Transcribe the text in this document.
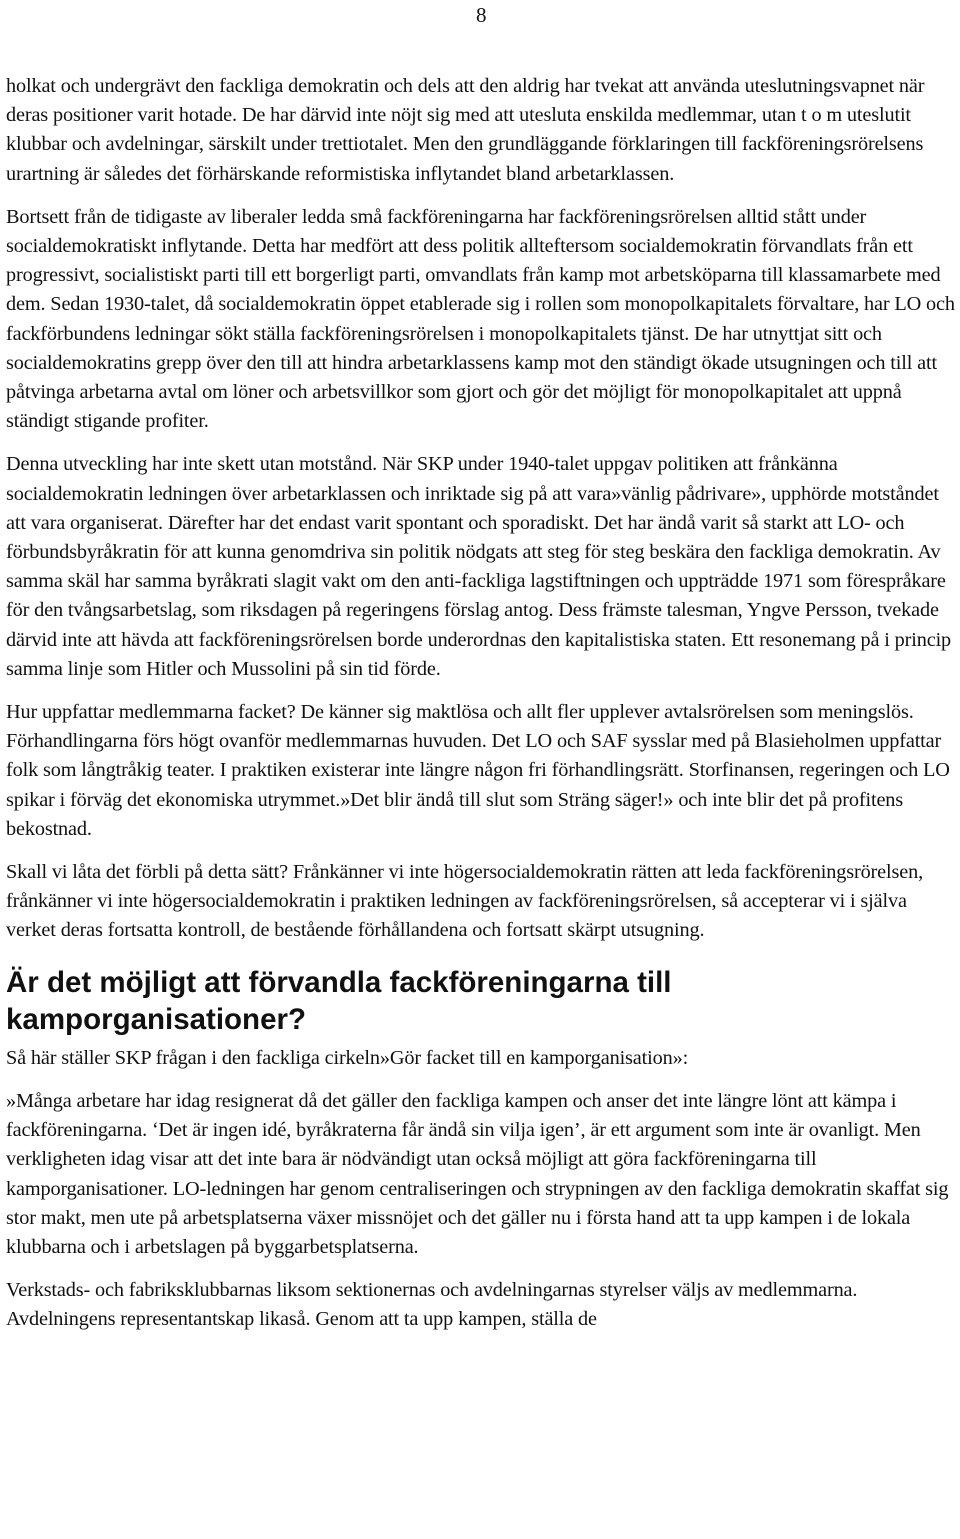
8

holkat och undergrävt den fackliga demokratin och dels att den aldrig har tvekat att använda uteslutningsvapnet när deras positioner varit hotade. De har därvid inte nöjt sig med att utesluta enskilda medlemmar, utan t o m uteslutit klubbar och avdelningar, särskilt under trettiotalet. Men den grundläggande förklaringen till fackföreningsrörelsens urartning är således det förhärskande reformistiska inflytandet bland arbetarklassen.

Bortsett från de tidigaste av liberaler ledda små fackföreningarna har fackföreningsrörelsen alltid stått under socialdemokratiskt inflytande. Detta har medfört att dess politik allteftersom socialdemokratin förvandlats från ett progressivt, socialistiskt parti till ett borgerligt parti, omvandlats från kamp mot arbetsköparna till klassamarbete med dem. Sedan 1930-talet, då socialdemokratin öppet etablerade sig i rollen som monopolkapitalets förvaltare, har LO och fackförbundens ledningar sökt ställa fackföreningsrörelsen i monopolkapitalets tjänst. De har utnyttjat sitt och socialdemokratins grepp över den till att hindra arbetarklassens kamp mot den ständigt ökade utsugningen och till att påtvinga arbetarna avtal om löner och arbetsvillkor som gjort och gör det möjligt för monopolkapitalet att uppnå ständigt stigande profiter.

Denna utveckling har inte skett utan motstånd. När SKP under 1940-talet uppgav politiken att frånkänna socialdemokratin ledningen över arbetarklassen och inriktade sig på att vara»vänlig pådrivare», upphörde motståndet att vara organiserat. Därefter har det endast varit spontant och sporadiskt. Det har ändå varit så starkt att LO- och förbundsbyråkratin för att kunna genomdriva sin politik nödgats att steg för steg beskära den fackliga demokratin. Av samma skäl har samma byråkrati slagit vakt om den anti-fackliga lagstiftningen och uppträdde 1971 som förespråkare för den tvångsarbetslag, som riksdagen på regeringens förslag antog. Dess främste talesman, Yngve Persson, tvekade därvid inte att hävda att fackföreningsrörelsen borde underordnas den kapitalistiska staten. Ett resonemang på i princip samma linje som Hitler och Mussolini på sin tid förde.

Hur uppfattar medlemmarna facket? De känner sig maktlösa och allt fler upplever avtalsrörelsen som meningslös. Förhandlingarna förs högt ovanför medlemmarnas huvuden. Det LO och SAF sysslar med på Blasieholmen uppfattar folk som långtråkig teater. I praktiken existerar inte längre någon fri förhandlingsrätt. Storfinansen, regeringen och LO spikar i förväg det ekonomiska utrymmet.»Det blir ändå till slut som Sträng säger!» och inte blir det på profitens bekostnad.

Skall vi låta det förbli på detta sätt? Frånkänner vi inte högersocialdemokratin rätten att leda fackföreningsrörelsen, frånkänner vi inte högersocialdemokratin i praktiken ledningen av fackföreningsrörelsen, så accepterar vi i själva verket deras fortsatta kontroll, de bestående förhållandena och fortsatt skärpt utsugning.

Är det möjligt att förvandla fackföreningarna till kamporganisationer?

Så här ställer SKP frågan i den fackliga cirkeln»Gör facket till en kamporganisation»:

»Många arbetare har idag resignerat då det gäller den fackliga kampen och anser det inte längre lönt att kämpa i fackföreningarna. ‘Det är ingen idé, byråkraterna får ändå sin vilja igen’, är ett argument som inte är ovanligt. Men verkligheten idag visar att det inte bara är nödvändigt utan också möjligt att göra fackföreningarna till kamporganisationer. LO-ledningen har genom centraliseringen och strypningen av den fackliga demokratin skaffat sig stor makt, men ute på arbetsplatserna växer missnöjet och det gäller nu i första hand att ta upp kampen i de lokala klubbarna och i arbetslagen på byggarbetsplatserna.

Verkstads- och fabriksklubbarnas liksom sektionernas och avdelningarnas styrelser väljs av medlemmarna. Avdelningens representantskap likaså. Genom att ta upp kampen, ställa de
